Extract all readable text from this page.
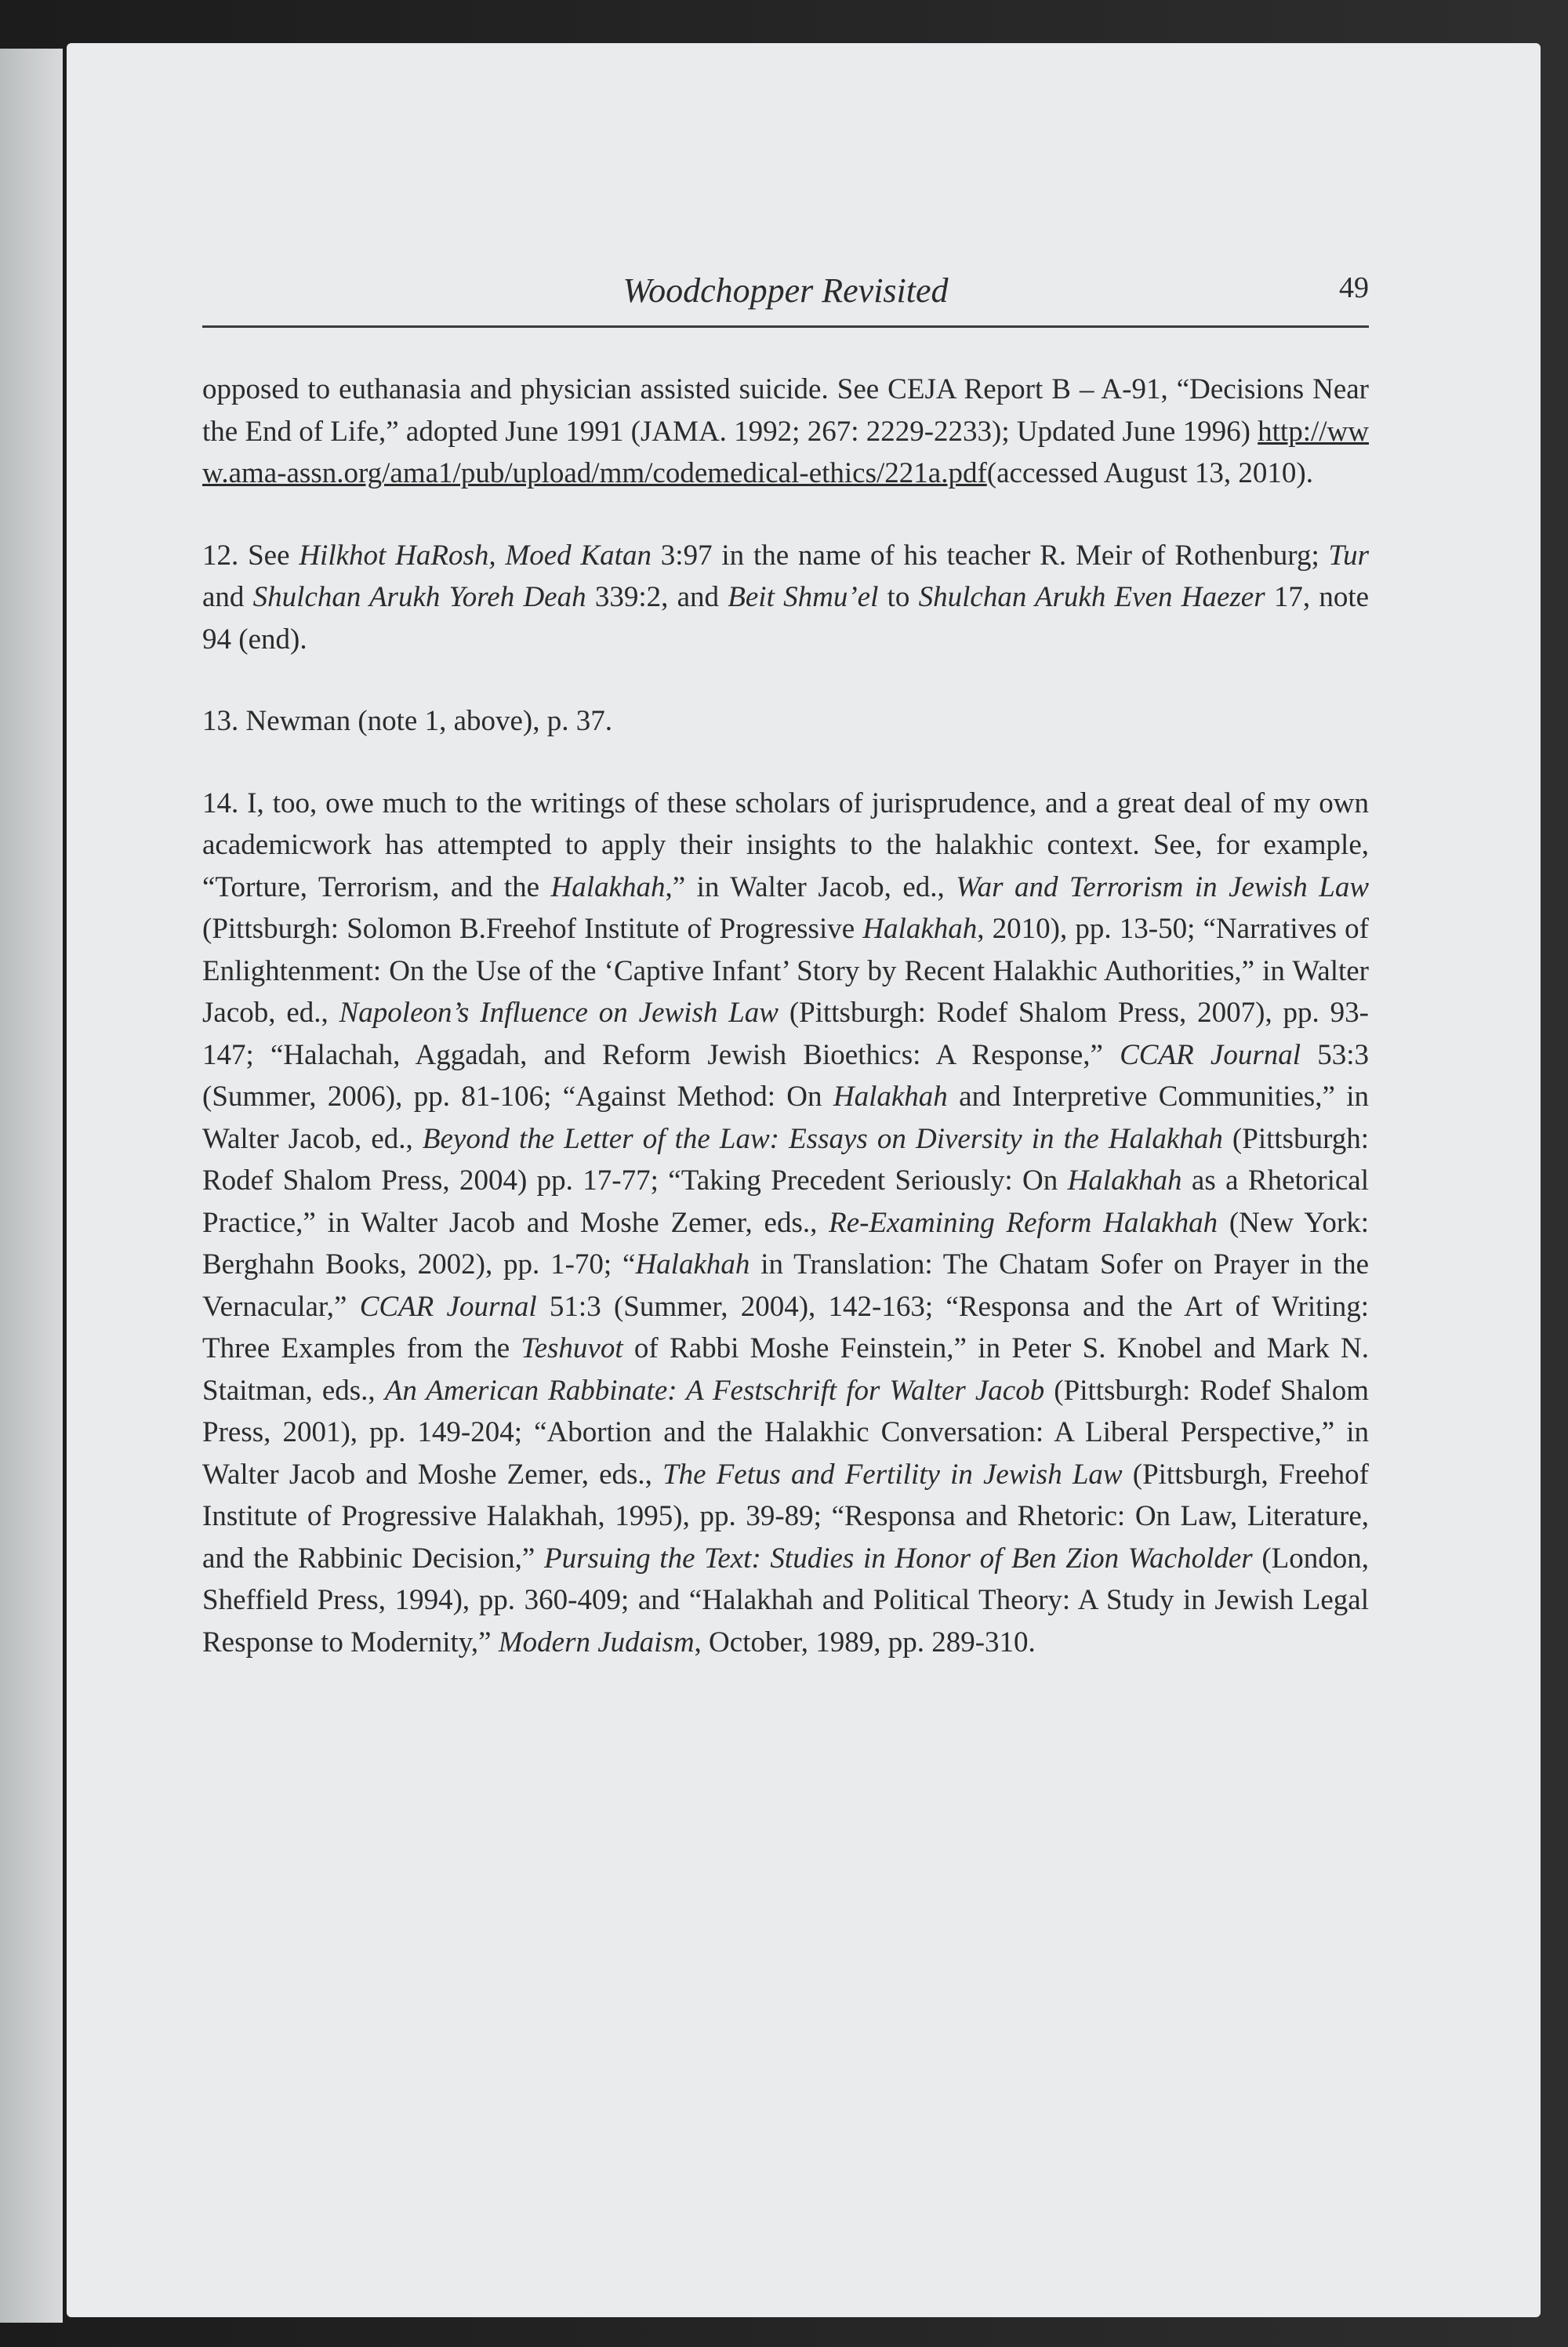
Woodchopper Revisited	49

opposed to euthanasia and physician assisted suicide. See CEJA Report B – A-91, “Decisions Near the End of Life,” adopted June 1991 (JAMA. 1992; 267: 2229-2233); Updated June 1996) http://www.ama-assn.org/ama1/pub/upload/mm/codemedical-ethics/221a.pdf(accessed August 13, 2010).

12. See Hilkhot HaRosh, Moed Katan 3:97 in the name of his teacher R. Meir of Rothenburg; Tur and Shulchan Arukh Yoreh Deah 339:2, and Beit Shmu’el to Shulchan Arukh Even Haezer 17, note 94 (end).

13. Newman (note 1, above), p. 37.

14. I, too, owe much to the writings of these scholars of jurisprudence, and a great deal of my own academicwork has attempted to apply their insights to the halakhic context. See, for example, “Torture, Terrorism, and the Halakhah,” in Walter Jacob, ed., War and Terrorism in Jewish Law (Pittsburgh: Solomon B.Freehof Institute of Progressive Halakhah, 2010), pp. 13-50; “Narratives of Enlightenment: On the Use of the ‘Captive Infant’ Story by Recent Halakhic Authorities,” in Walter Jacob, ed., Napoleon’s Influence on Jewish Law (Pittsburgh: Rodef Shalom Press, 2007), pp. 93-147; “Halachah, Aggadah, and Reform Jewish Bioethics: A Response,” CCAR Journal 53:3 (Summer, 2006), pp. 81-106; “Against Method: On Halakhah and Interpretive Communities,” in Walter Jacob, ed., Beyond the Letter of the Law: Essays on Diversity in the Halakhah (Pittsburgh: Rodef Shalom Press, 2004) pp. 17-77; “Taking Precedent Seriously: On Halakhah as a Rhetorical Practice,” in Walter Jacob and Moshe Zemer, eds., Re-Examining Reform Halakhah (New York: Berghahn Books, 2002), pp. 1-70; “Halakhah in Translation: The Chatam Sofer on Prayer in the Vernacular,” CCAR Journal 51:3 (Summer, 2004), 142-163; “Responsa and the Art of Writing: Three Examples from the Teshuvot of Rabbi Moshe Feinstein,” in Peter S. Knobel and Mark N. Staitman, eds., An American Rabbinate: A Festschrift for Walter Jacob (Pittsburgh: Rodef Shalom Press, 2001), pp. 149-204; “Abortion and the Halakhic Conversation: A Liberal Perspective,” in Walter Jacob and Moshe Zemer, eds., The Fetus and Fertility in Jewish Law (Pittsburgh, Freehof Institute of Progressive Halakhah, 1995), pp. 39-89; “Responsa and Rhetoric: On Law, Literature, and the Rabbinic Decision,” Pursuing the Text: Studies in Honor of Ben Zion Wacholder (London, Sheffield Press, 1994), pp. 360-409; and “Halakhah and Political Theory: A Study in Jewish Legal Response to Modernity,” Modern Judaism, October, 1989, pp. 289-310.
